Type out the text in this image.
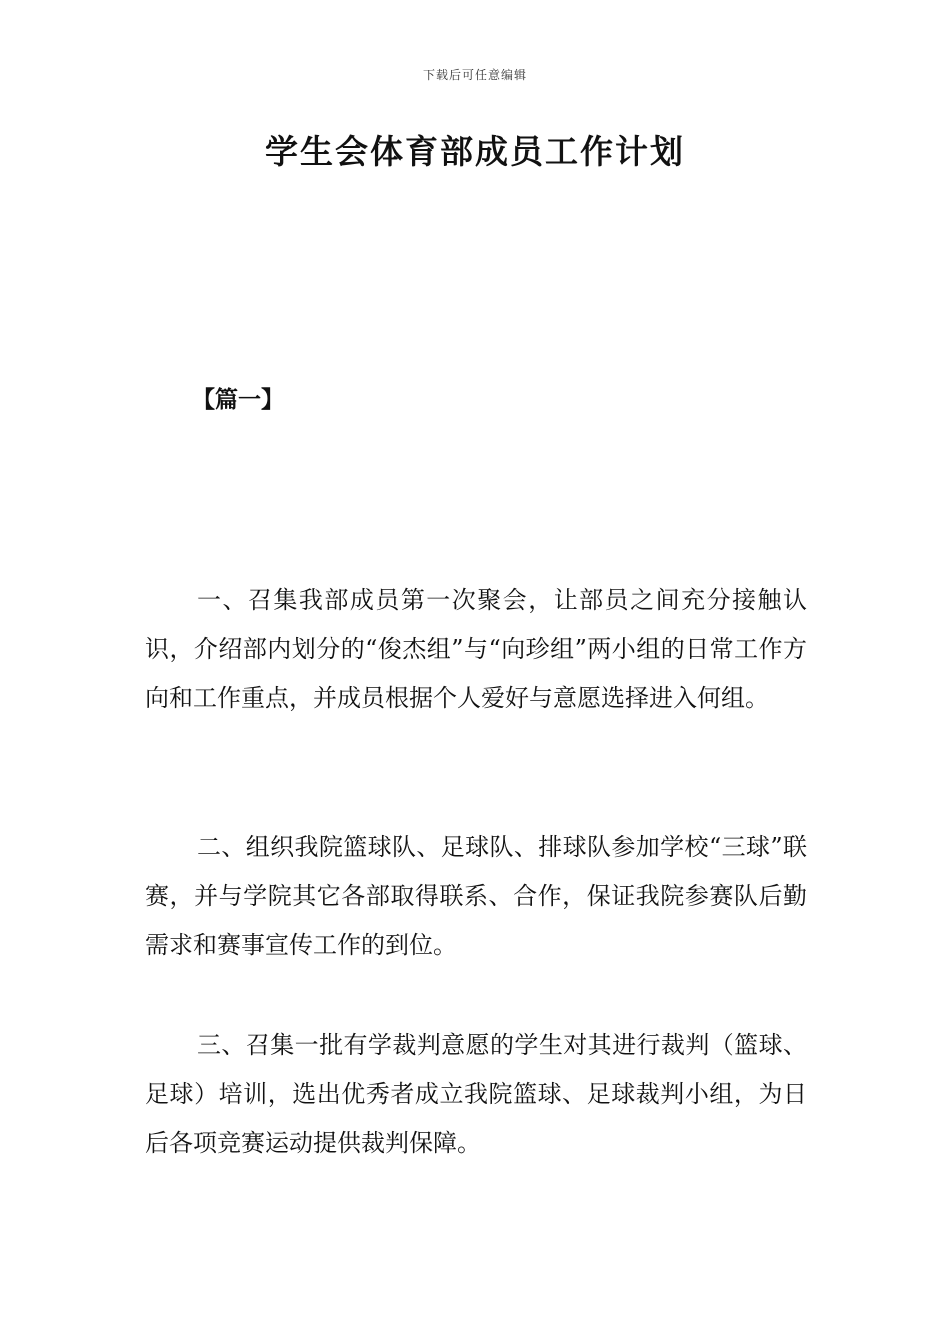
下载后可任意编辑
学生会体育部成员工作计划
【篇一】

一、召集我部成员第一次聚会，让部员之间充分接触认识，介绍部内划分的“俊杰组”与“向珍组”两小组的日常工作方向和工作重点，并成员根据个人爱好与意愿选择进入何组。

二、组织我院篮球队、足球队、排球队参加学校“三球”联赛，并与学院其它各部取得联系、合作，保证我院参赛队后勤需求和赛事宣传工作的到位。

三、召集一批有学裁判意愿的学生对其进行裁判（篮球、足球）培训，选出优秀者成立我院篮球、足球裁判小组，为日后各项竞赛运动提供裁判保障。
